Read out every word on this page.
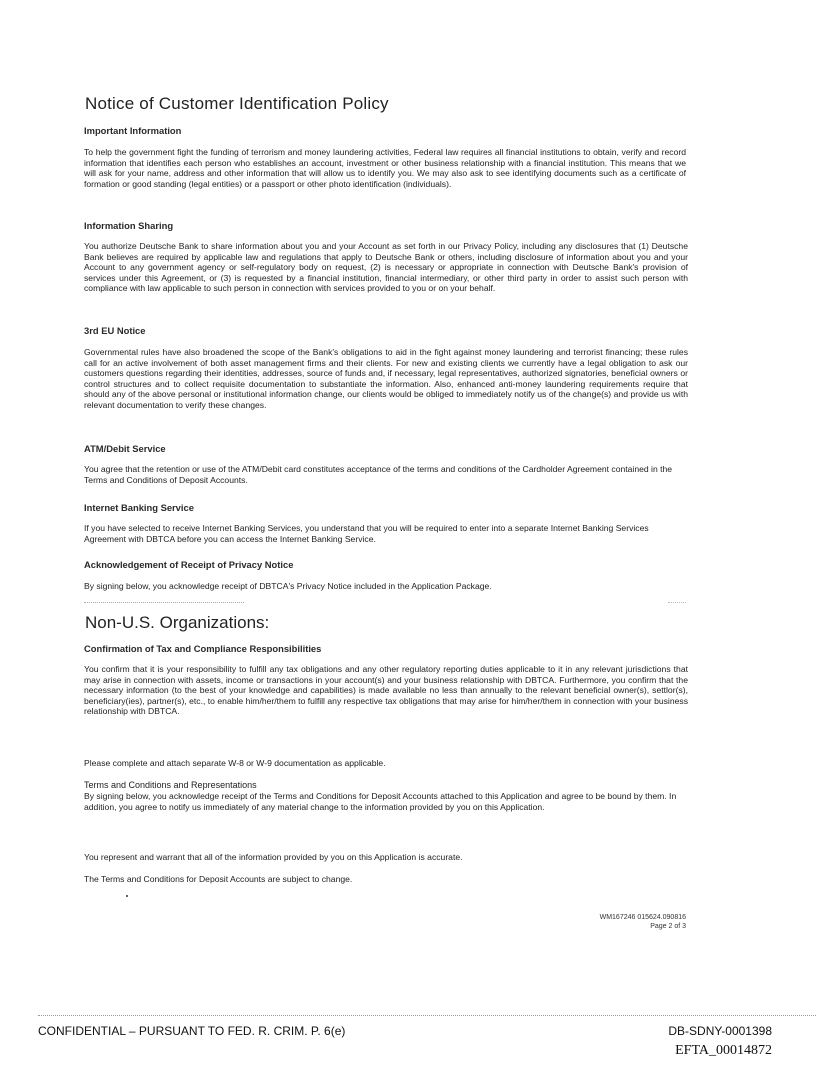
Notice of Customer Identification Policy
Important Information
To help the government fight the funding of terrorism and money laundering activities, Federal law requires all financial institutions to obtain, verify and record information that identifies each person who establishes an account, investment or other business relationship with a financial institution. This means that we will ask for your name, address and other information that will allow us to identify you. We may also ask to see identifying documents such as a certificate of formation or good standing (legal entities) or a passport or other photo identification (individuals).
Information Sharing
You authorize Deutsche Bank to share information about you and your Account as set forth in our Privacy Policy, including any disclosures that (1) Deutsche Bank believes are required by applicable law and regulations that apply to Deutsche Bank or others, including disclosure of information about you and your Account to any government agency or self-regulatory body on request, (2) is necessary or appropriate in connection with Deutsche Bank's provision of services under this Agreement, or (3) is requested by a financial institution, financial intermediary, or other third party in order to assist such person with compliance with law applicable to such person in connection with services provided to you or on your behalf.
3rd EU Notice
Governmental rules have also broadened the scope of the Bank's obligations to aid in the fight against money laundering and terrorist financing; these rules call for an active involvement of both asset management firms and their clients. For new and existing clients we currently have a legal obligation to ask our customers questions regarding their identities, addresses, source of funds and, if necessary, legal representatives, authorized signatories, beneficial owners or control structures and to collect requisite documentation to substantiate the information. Also, enhanced anti-money laundering requirements require that should any of the above personal or institutional information change, our clients would be obliged to immediately notify us of the change(s) and provide us with relevant documentation to verify these changes.
ATM/Debit Service
You agree that the retention or use of the ATM/Debit card constitutes acceptance of the terms and conditions of the Cardholder Agreement contained in the Terms and Conditions of Deposit Accounts.
Internet Banking Service
If you have selected to receive Internet Banking Services, you understand that you will be required to enter into a separate Internet Banking Services Agreement with DBTCA before you can access the Internet Banking Service.
Acknowledgement of Receipt of Privacy Notice
By signing below, you acknowledge receipt of DBTCA's Privacy Notice included in the Application Package.
Non-U.S. Organizations:
Confirmation of Tax and Compliance Responsibilities
You confirm that it is your responsibility to fulfill any tax obligations and any other regulatory reporting duties applicable to it in any relevant jurisdictions that may arise in connection with assets, income or transactions in your account(s) and your business relationship with DBTCA. Furthermore, you confirm that the necessary information (to the best of your knowledge and capabilities) is made available no less than annually to the relevant beneficial owner(s), settlor(s), beneficiary(ies), partner(s), etc., to enable him/her/them to fulfill any respective tax obligations that may arise for him/her/them in connection with your business relationship with DBTCA.
Please complete and attach separate W-8 or W-9 documentation as applicable.
Terms and Conditions and Representations
By signing below, you acknowledge receipt of the Terms and Conditions for Deposit Accounts attached to this Application and agree to be bound by them. In addition, you agree to notify us immediately of any material change to the information provided by you on this Application.
You represent and warrant that all of the information provided by you on this Application is accurate.
The Terms and Conditions for Deposit Accounts are subject to change.
WM167246 015624.090816
Page 2 of 3
CONFIDENTIAL – PURSUANT TO FED. R. CRIM. P. 6(e)	DB-SDNY-0001398
EFTA_00014872
